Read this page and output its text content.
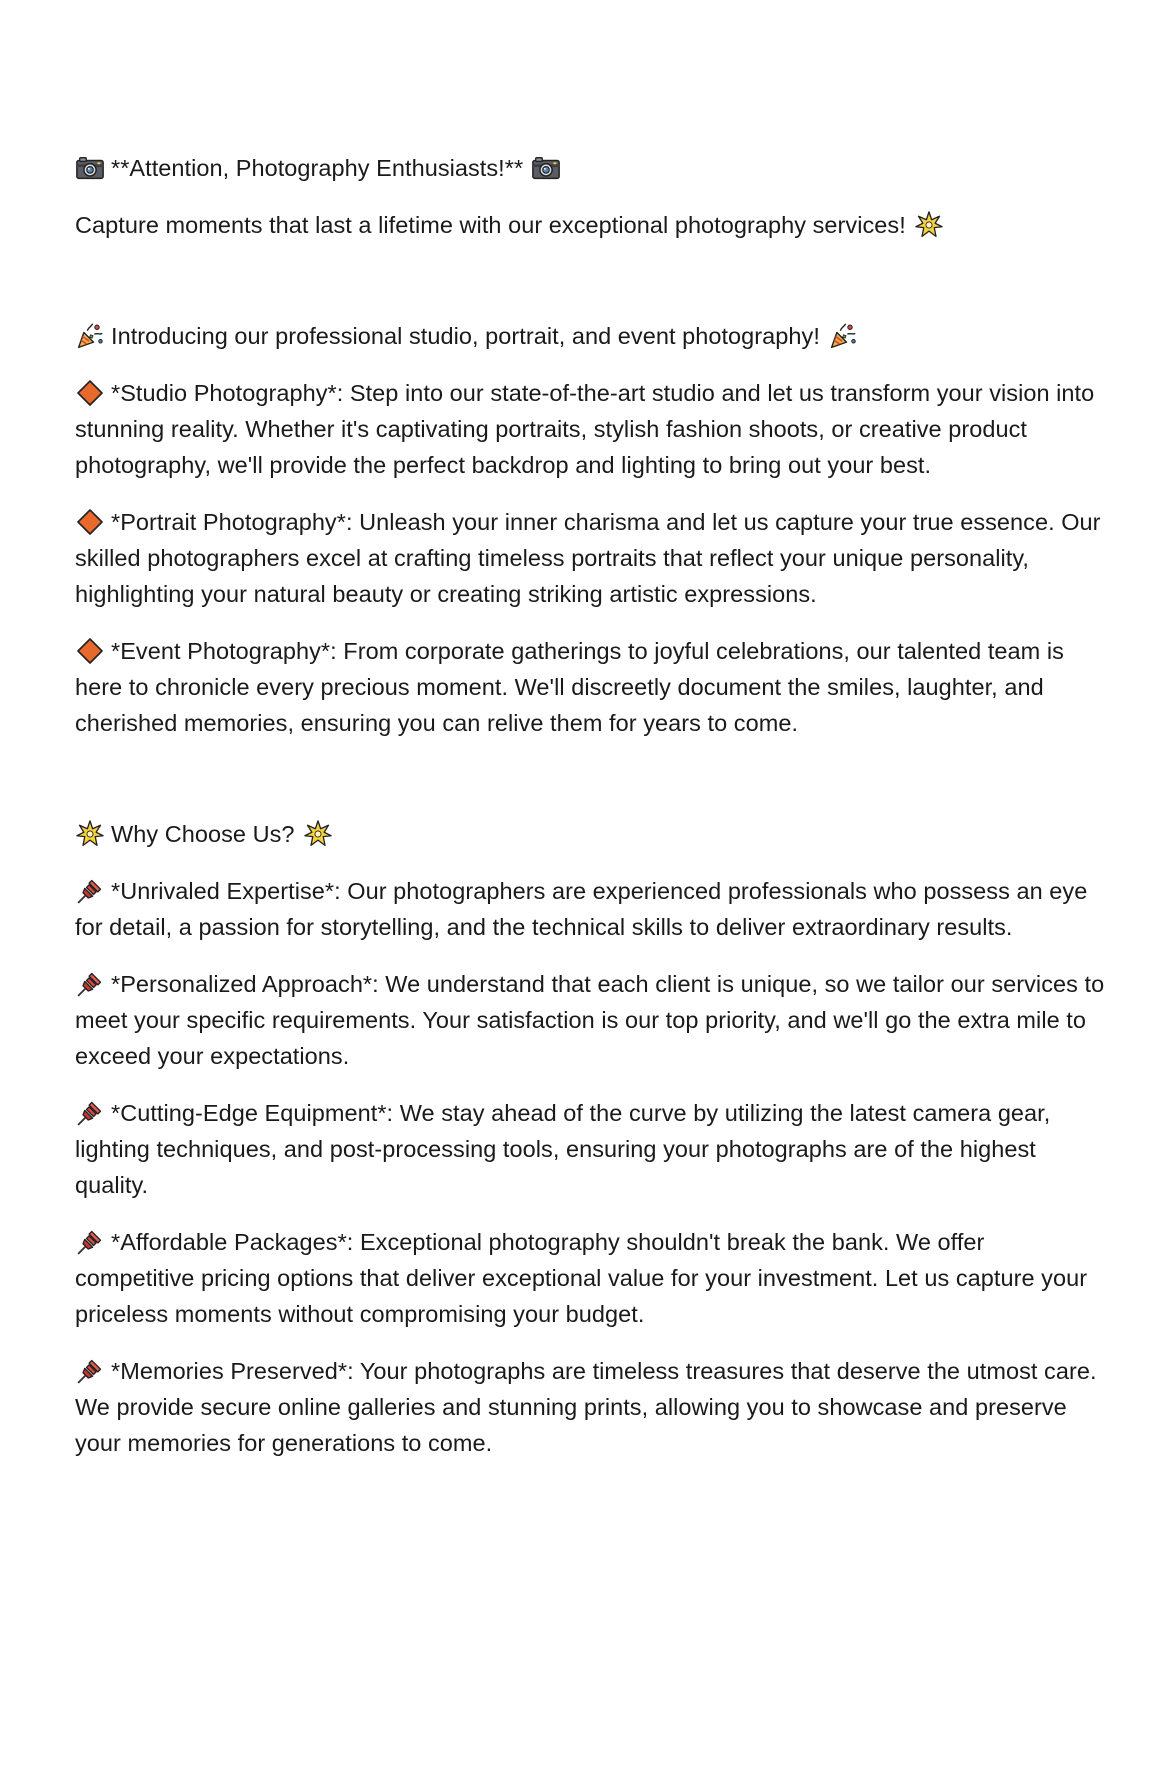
**Attention, Photography Enthusiasts!**

Capture moments that last a lifetime with our exceptional photography services!

Introducing our professional studio, portrait, and event photography!

*Studio Photography*: Step into our state-of-the-art studio and let us transform your vision into stunning reality. Whether it's captivating portraits, stylish fashion shoots, or creative product photography, we'll provide the perfect backdrop and lighting to bring out your best.

*Portrait Photography*: Unleash your inner charisma and let us capture your true essence. Our skilled photographers excel at crafting timeless portraits that reflect your unique personality, highlighting your natural beauty or creating striking artistic expressions.

*Event Photography*: From corporate gatherings to joyful celebrations, our talented team is here to chronicle every precious moment. We'll discreetly document the smiles, laughter, and cherished memories, ensuring you can relive them for years to come.

Why Choose Us?

*Unrivaled Expertise*: Our photographers are experienced professionals who possess an eye for detail, a passion for storytelling, and the technical skills to deliver extraordinary results.

*Personalized Approach*: We understand that each client is unique, so we tailor our services to meet your specific requirements. Your satisfaction is our top priority, and we'll go the extra mile to exceed your expectations.

*Cutting-Edge Equipment*: We stay ahead of the curve by utilizing the latest camera gear, lighting techniques, and post-processing tools, ensuring your photographs are of the highest quality.

*Affordable Packages*: Exceptional photography shouldn't break the bank. We offer competitive pricing options that deliver exceptional value for your investment. Let us capture your priceless moments without compromising your budget.

*Memories Preserved*: Your photographs are timeless treasures that deserve the utmost care. We provide secure online galleries and stunning prints, allowing you to showcase and preserve your memories for generations to come.
